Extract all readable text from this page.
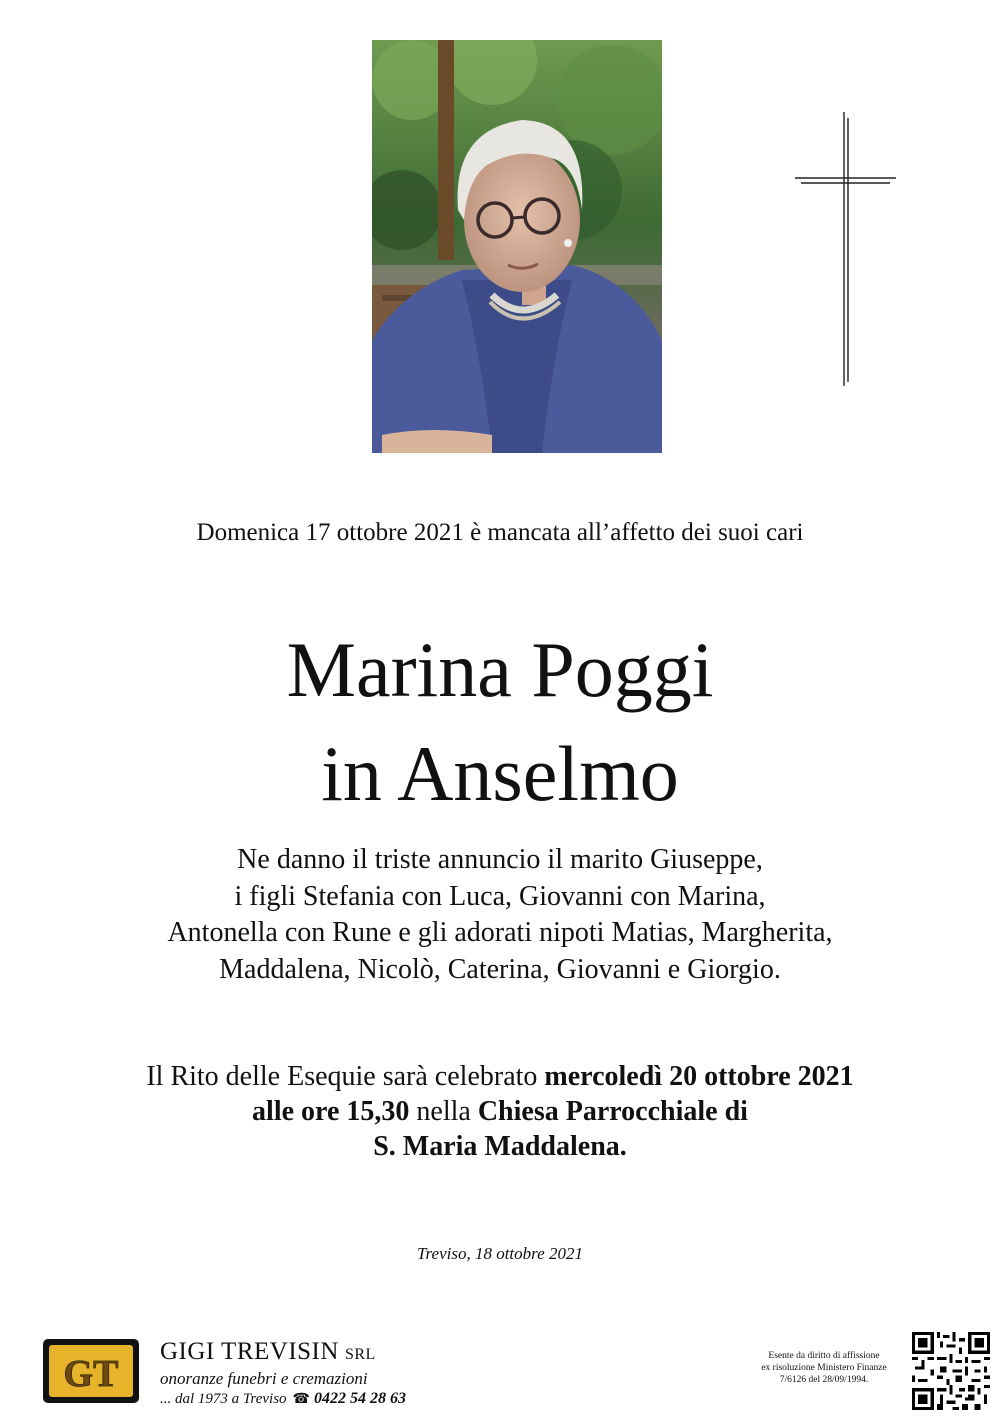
Domenica 17 ottobre 2021 è mancata all’affetto dei suoi cari
Marina Poggi
in Anselmo
Ne danno il triste annuncio il marito Giuseppe,
i figli Stefania con Luca, Giovanni con Marina,
Antonella con Rune e gli adorati nipoti Matias, Margherita,
Maddalena, Nicolò, Caterina, Giovanni e Giorgio.
Il Rito delle Esequie sarà celebrato mercoledì 20 ottobre 2021
alle ore 15,30 nella Chiesa Parrocchiale di
S. Maria Maddalena.
Treviso, 18 ottobre 2021
GT
GIGI TREVISIN SRL
onoranze funebri e cremazioni
... dal 1973 a Treviso ☎ 0422 54 28 63
Esente da diritto di affissione
ex risoluzione Ministero Finanze
7/6126 del 28/09/1994.
